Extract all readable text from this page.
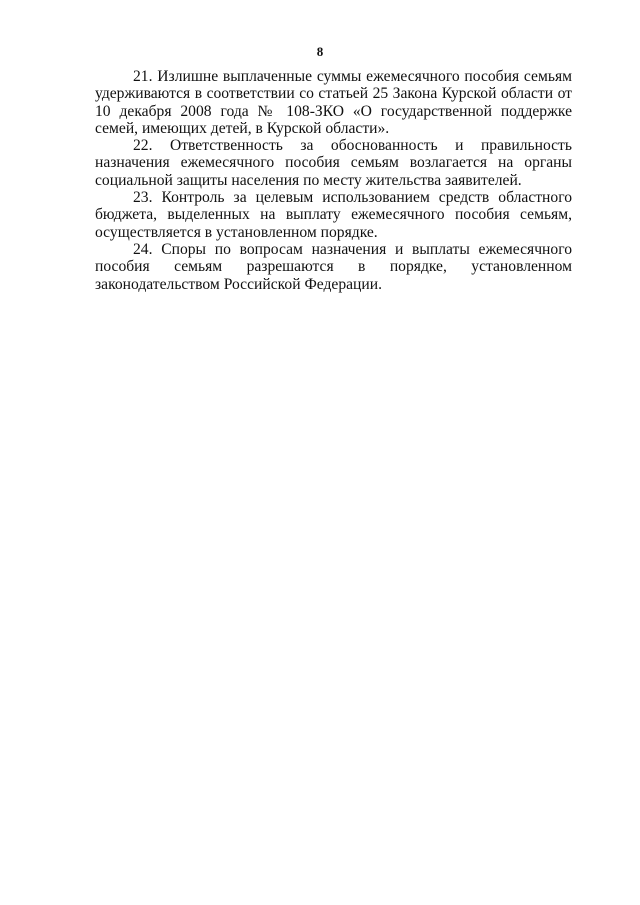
8

21. Излишне выплаченные суммы ежемесячного пособия семьям удерживаются в соответствии со статьей 25 Закона Курской области от 10 декабря 2008 года № 108-ЗКО «О государственной поддержке семей, имеющих детей, в Курской области».

22. Ответственность за обоснованность и правильность назначения ежемесячного пособия семьям возлагается на органы социальной защиты населения по месту жительства заявителей.

23. Контроль за целевым использованием средств областного бюджета, выделенных на выплату ежемесячного пособия семьям, осуществляется в установленном порядке.

24. Споры по вопросам назначения и выплаты ежемесячного пособия семьям разрешаются в порядке, установленном законодательством Российской Федерации.
